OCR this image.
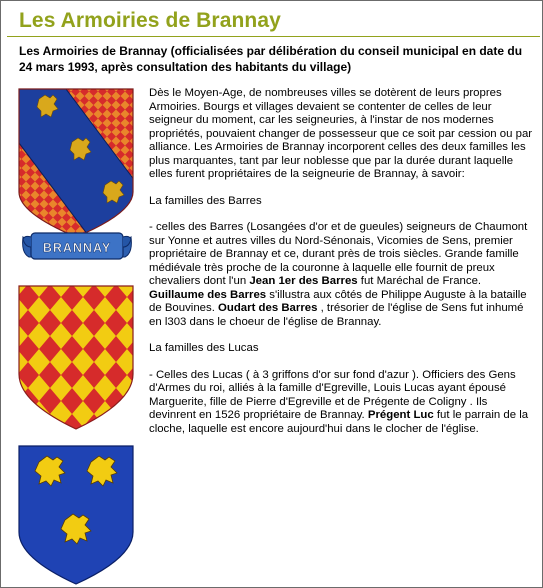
Les Armoiries de Brannay
Les Armoiries de Brannay (officialisées par délibération du conseil municipal en date du 24 mars 1993, après consultation des habitants du village)
BRANNAY

Dès le Moyen-Age, de nombreuses villes se dotèrent de leurs propres Armoiries. Bourgs et villages devaient se contenter de celles de leur seigneur du moment, car les seigneuries, à l'instar de nos modernes propriétés, pouvaient changer de possesseur que ce soit par cession ou par alliance. Les Armoiries de Brannay incorporent celles des deux familles les plus marquantes, tant par leur noblesse que par la durée durant laquelle elles furent propriétaires de la seigneurie de Brannay, à savoir:

La familles des Barres

- celles des Barres (Losangées d'or et de gueules) seigneurs de Chaumont sur Yonne et autres villes du Nord-Sénonais, Vicomies de Sens, premier propriétaire de Brannay et ce, durant près de trois siècles. Grande famille médiévale très proche de la couronne à laquelle elle fournit de preux chevaliers dont l'un Jean 1er des Barres fut Maréchal de France. Guillaume des Barres s'illustra aux côtés de Philippe Auguste à la bataille de Bouvines. Oudart des Barres , trésorier de l'église de Sens fut inhumé en l303 dans le choeur de l'église de Brannay.

La familles des Lucas

- Celles des Lucas ( à 3 griffons d'or sur fond d'azur ). Officiers des Gens d'Armes du roi, alliés à la famille d'Egreville, Louis Lucas ayant épousé Marguerite, fille de Pierre d'Egreville et de Prégente de Coligny . Ils devinrent en 1526 propriétaire de Brannay. Prégent Luc fut le parrain de la cloche, laquelle est encore aujourd'hui dans le clocher de l'église.
